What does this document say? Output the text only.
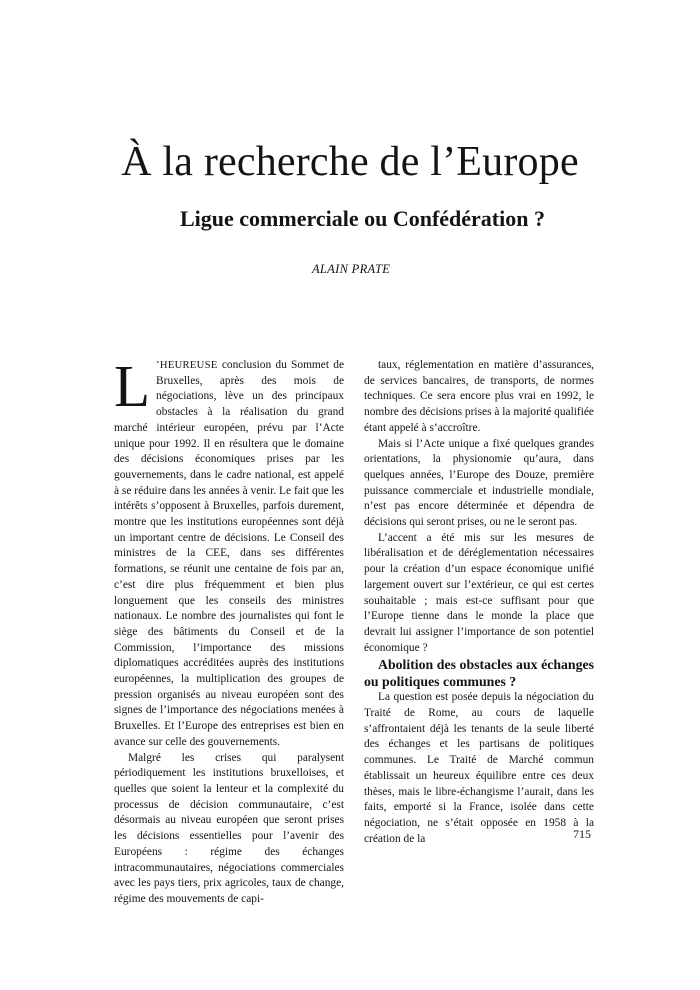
À la recherche de l’Europe
Ligue commerciale ou Confédération ?

ALAIN PRATE

L ’HEUREUSE conclusion du Sommet de Bruxelles, après des mois de négociations, lève un des principaux obstacles à la réalisation du grand marché intérieur européen, prévu par l’Acte unique pour 1992. Il en résultera que le domaine des décisions économiques prises par les gouvernements, dans le cadre national, est appelé à se réduire dans les années à venir. Le fait que les intérêts s’opposent à Bruxelles, parfois durement, montre que les institutions européennes sont déjà un important centre de décisions. Le Conseil des ministres de la CEE, dans ses différentes formations, se réunit une centaine de fois par an, c’est dire plus fréquemment et bien plus longuement que les conseils des ministres nationaux. Le nombre des journalistes qui font le siège des bâtiments du Conseil et de la Commission, l’importance des missions diplomatiques accréditées auprès des institutions européennes, la multiplication des groupes de pression organisés au niveau européen sont des signes de l’importance des négociations menées à Bruxelles. Et l’Europe des entreprises est bien en avance sur celle des gouvernements.

Malgré les crises qui paralysent périodiquement les institutions bruxelloises, et quelles que soient la lenteur et la complexité du processus de décision communautaire, c’est désormais au niveau européen que seront prises les décisions essentielles pour l’avenir des Européens : régime des échanges intracommunautaires, négociations commerciales avec les pays tiers, prix agricoles, taux de change, régime des mouvements de capi-

taux, réglementation en matière d’assurances, de services bancaires, de transports, de normes techniques. Ce sera encore plus vrai en 1992, le nombre des décisions prises à la majorité qualifiée étant appelé à s’accroître.

Mais si l’Acte unique a fixé quelques grandes orientations, la physionomie qu’aura, dans quelques années, l’Europe des Douze, première puissance commerciale et industrielle mondiale, n’est pas encore déterminée et dépendra de décisions qui seront prises, ou ne le seront pas.

L’accent a été mis sur les mesures de libéralisation et de déréglementation nécessaires pour la création d’un espace économique unifié largement ouvert sur l’extérieur, ce qui est certes souhaitable ; mais est-ce suffisant pour que l’Europe tienne dans le monde la place que devrait lui assigner l’importance de son potentiel économique ?

Abolition des obstacles aux échanges ou politiques communes ?

La question est posée depuis la négociation du Traité de Rome, au cours de laquelle s’affrontaient déjà les tenants de la seule liberté des échanges et les partisans de politiques communes. Le Traité de Marché commun établissait un heureux équilibre entre ces deux thèses, mais le libre-échangisme l’aurait, dans les faits, emporté si la France, isolée dans cette négociation, ne s’était opposée en 1958 à la création de la	715
